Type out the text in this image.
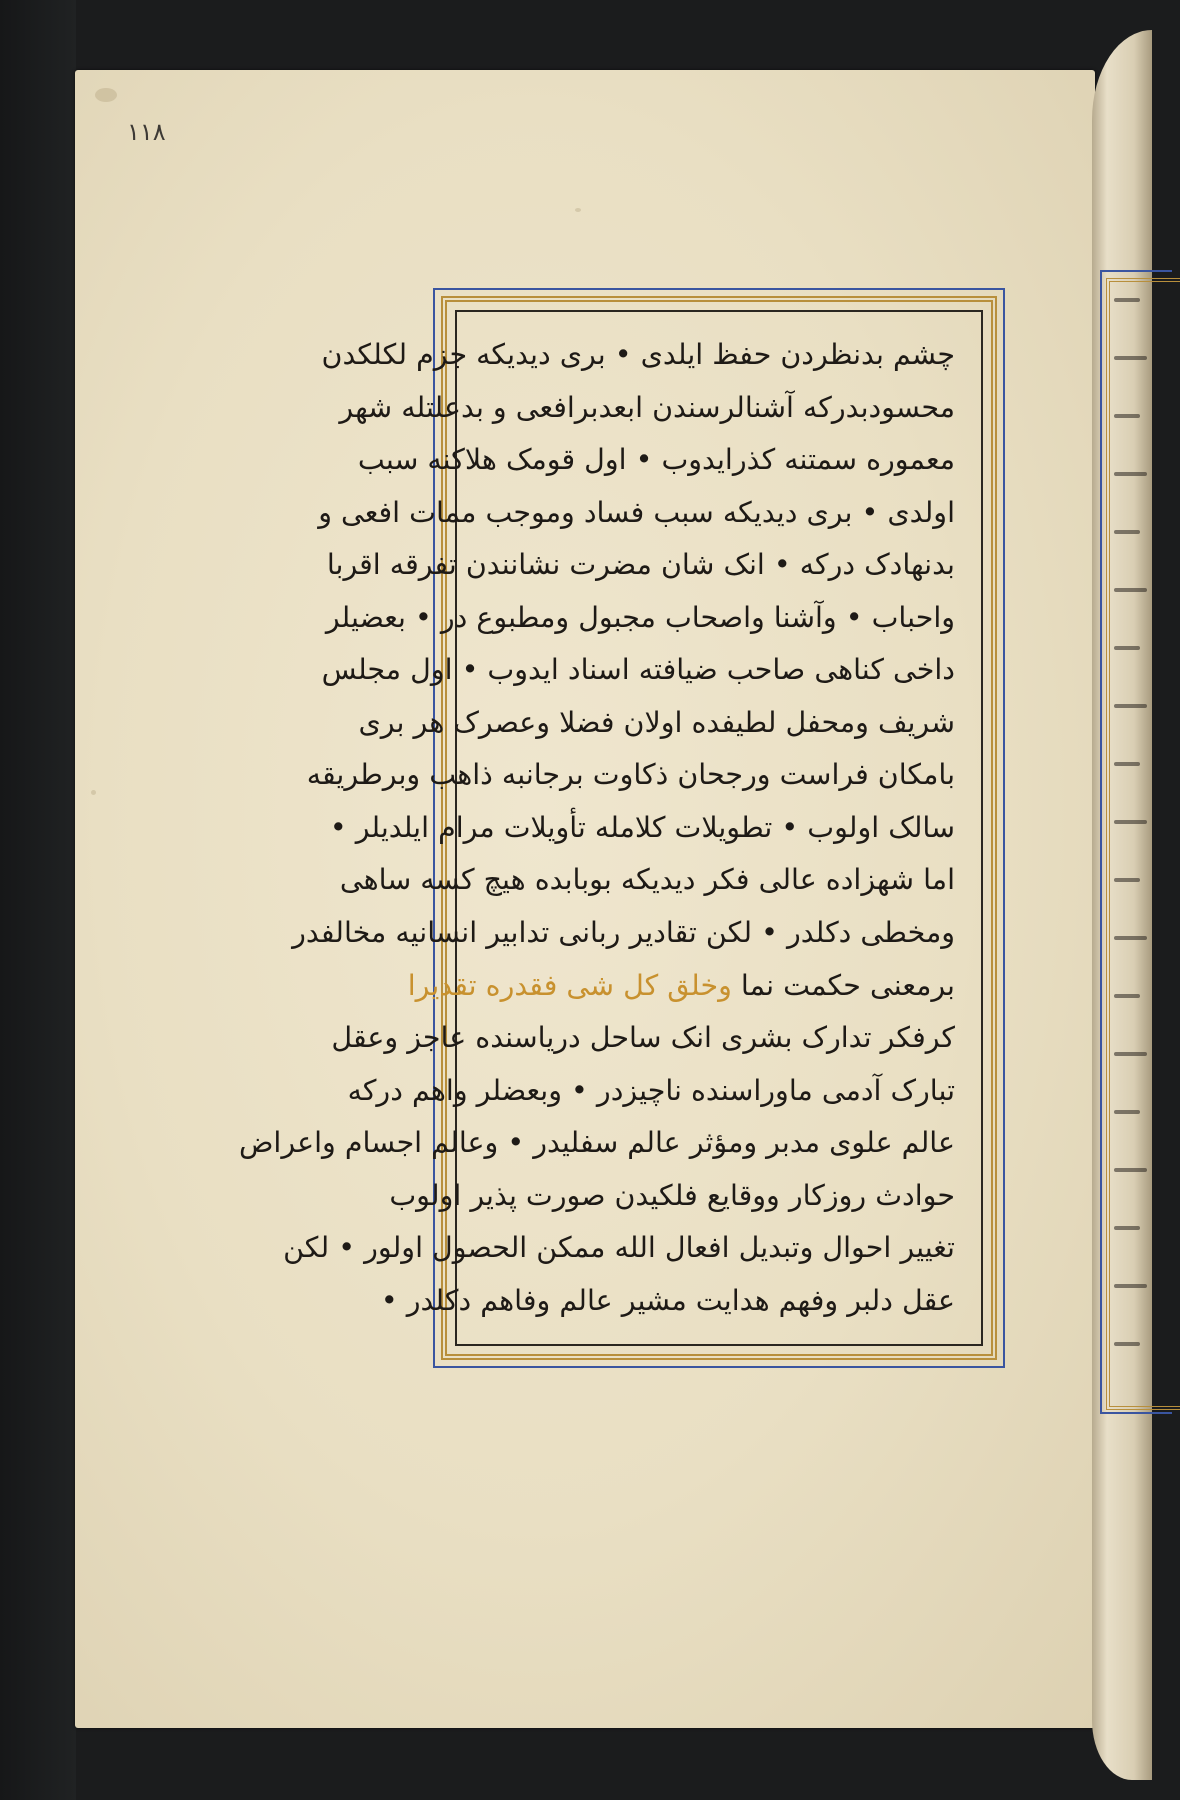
١١٨
چشم بدنظردن حفظ ایلدی • بری دیدیکه جزم لکلکدن
محسودبدرکه آشنالرسندن ابعدبرافعی و بدعلتله شهر
معموره سمتنه کذرایدوب • اول قومک هلاکنه سبب
اولدی • بری دیدیکه سبب فساد وموجب ممات افعی و
بدنهادک درکه • انک شان مضرت نشانندن تفرقه اقربا
واحباب • وآشنا واصحاب مجبول ومطبوع در • بعضیلر
داخی کناهی صاحب ضیافته اسناد ایدوب • اول مجلس
شریف ومحفل لطیفده اولان فضلا وعصرک هر بری
بامکان فراست ورجحان ذکاوت برجانبه ذاهب وبرطریقه
سالک اولوب • تطویلات کلامله تأویلات مرام ایلدیلر •
اما شهزاده عالی فکر دیدیکه بوبابده هیچ کسه ساهی
ومخطی دکلدر • لکن تقادیر ربانی تدابیر انسانیه مخالفدر
برمعنی حکمت نما وخلق کل شی فقدره تقدیرا
کرفکر تدارک بشری انک ساحل دریاسنده عاجز وعقل
تبارک آدمی ماوراسنده ناچیزدر • وبعضلر واهم درکه
عالم علوی مدبر ومؤثر عالم سفلیدر • وعالم اجسام واعراض
حوادث روزکار ووقایع فلکیدن صورت پذیر اولوب
تغییر احوال وتبدیل افعال الله ممکن الحصول اولور • لکن
عقل دلبر وفهم هدایت مشیر عالم وفاهم دکلدر •
